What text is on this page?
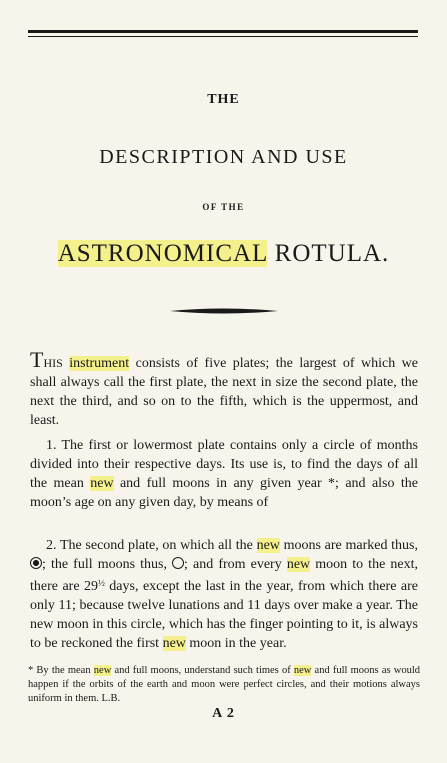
THE
DESCRIPTION AND USE
OF THE
ASTRONOMICAL ROTULA.
THIS instrument consists of five plates; the largest of which we shall always call the first plate, the next in size the second plate, the next the third, and so on to the fifth, which is the uppermost, and least.
1. The first or lowermost plate contains only a circle of months divided into their respective days. Its use is, to find the days of all the mean new and full moons in any given year *; and also the moon’s age on any given day, by means of
2. The second plate, on which all the new moons are marked thus, ; the full moons thus, ; and from every new moon to the next, there are $29^{\frac{1}{2}}$ days, except the last in the year, from which there are only 11; because twelve lunations and 11 days over make a year. The new moon in this circle, which has the finger pointing to it, is always to be reckoned the first new moon in the year.
* By the mean new and full moons, understand such times of new and full moons as would happen if the orbits of the earth and moon were perfect circles, and their motions always uniform in them. L.B.
A 2
